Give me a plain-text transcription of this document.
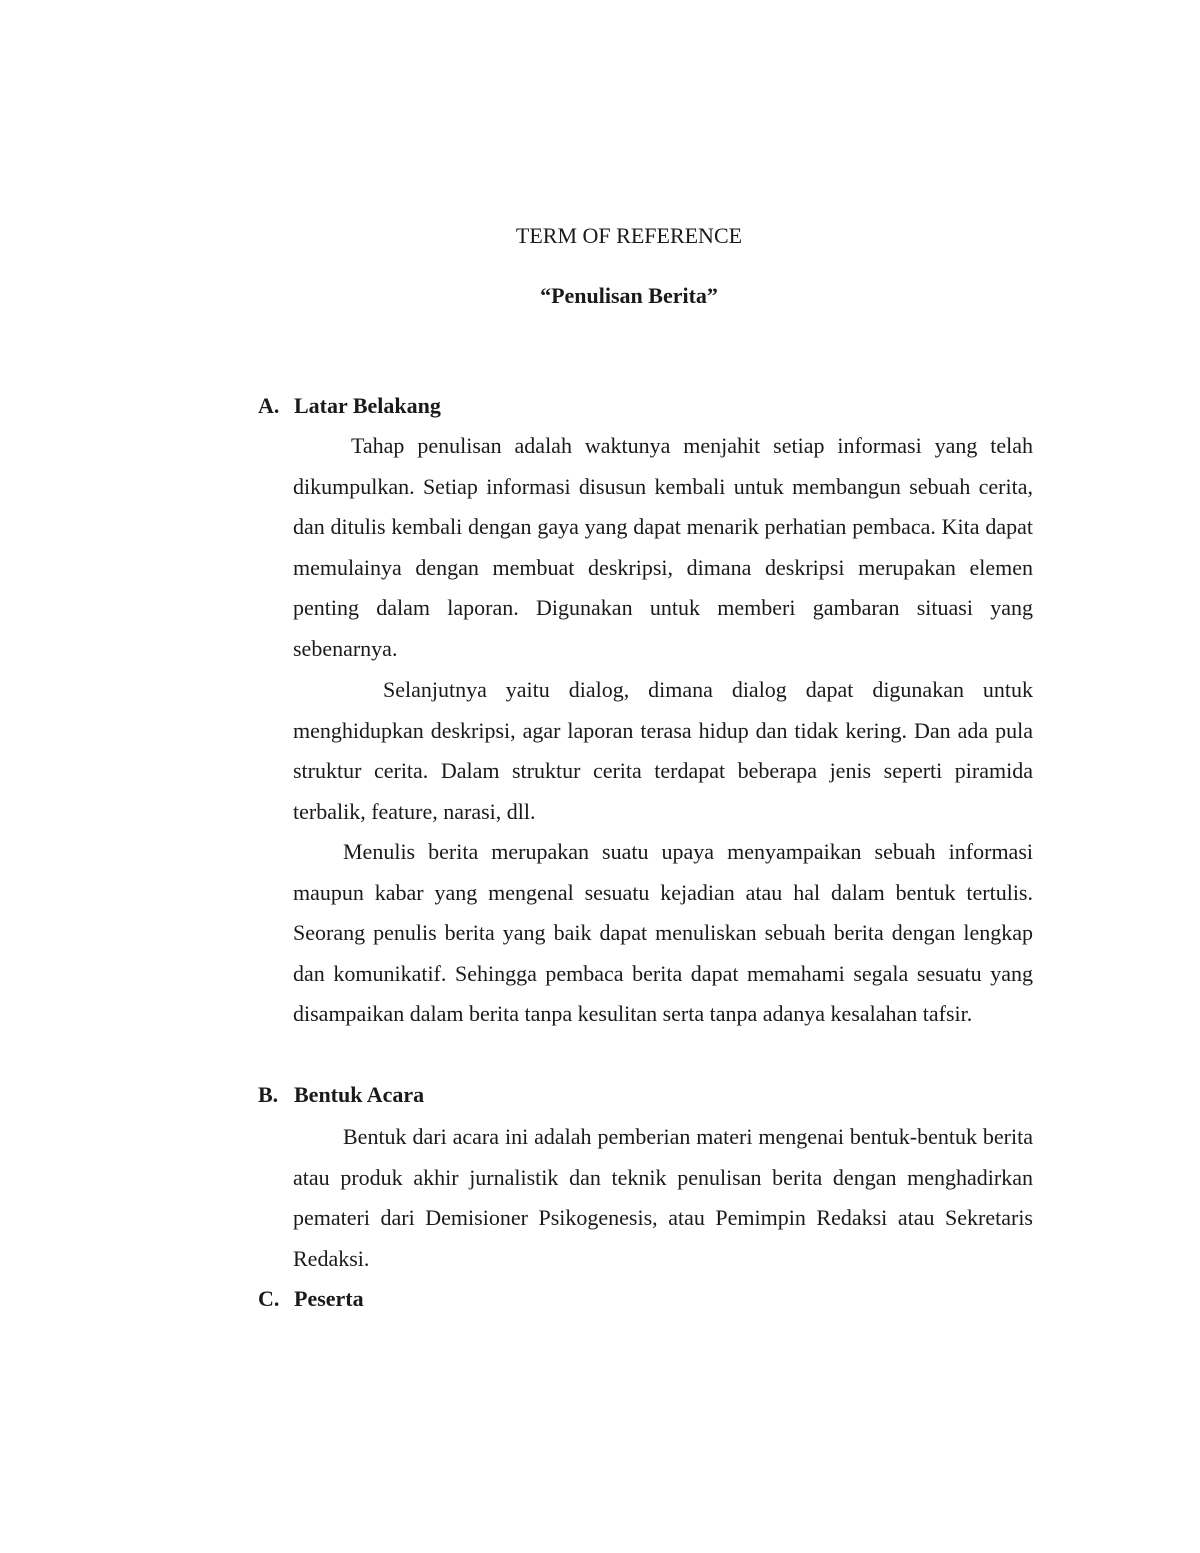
TERM OF REFERENCE
“Penulisan Berita”
A. Latar Belakang

Tahap penulisan adalah waktunya menjahit setiap informasi yang telah dikumpulkan. Setiap informasi disusun kembali untuk membangun sebuah cerita, dan ditulis kembali dengan gaya yang dapat menarik perhatian pembaca. Kita dapat memulainya dengan membuat deskripsi, dimana deskripsi merupakan elemen penting dalam laporan. Digunakan untuk memberi gambaran situasi yang sebenarnya.

Selanjutnya yaitu dialog, dimana dialog dapat digunakan untuk menghidupkan deskripsi, agar laporan terasa hidup dan tidak kering. Dan ada pula struktur cerita. Dalam struktur cerita terdapat beberapa jenis seperti piramida terbalik, feature, narasi, dll.

Menulis berita merupakan suatu upaya menyampaikan sebuah informasi maupun kabar yang mengenal sesuatu kejadian atau hal dalam bentuk tertulis. Seorang penulis berita yang baik dapat menuliskan sebuah berita dengan lengkap dan komunikatif. Sehingga pembaca berita dapat memahami segala sesuatu yang disampaikan dalam berita tanpa kesulitan serta tanpa adanya kesalahan tafsir.

B. Bentuk Acara

Bentuk dari acara ini adalah pemberian materi mengenai bentuk-bentuk berita atau produk akhir jurnalistik dan teknik penulisan berita dengan menghadirkan pemateri dari Demisioner Psikogenesis, atau Pemimpin Redaksi atau Sekretaris Redaksi.

C. Peserta
